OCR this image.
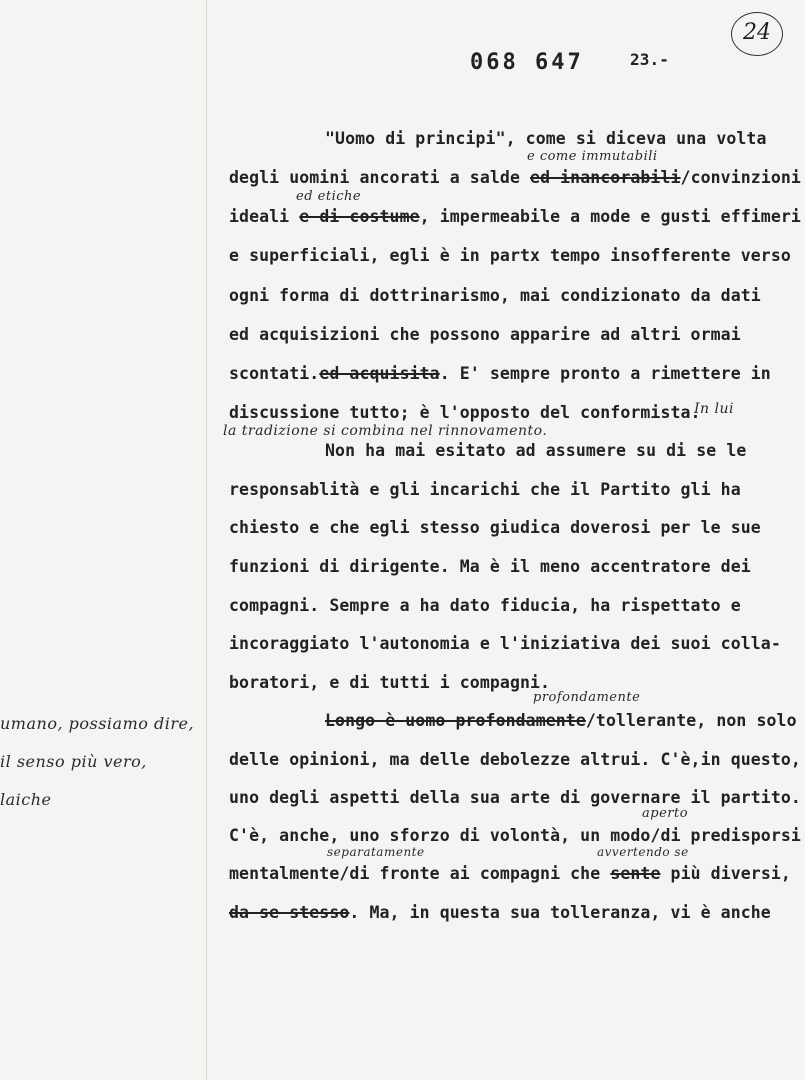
24
068 647	23.-
"Uomo di principi", come si diceva una volta
e come immutabili
degli uomini ancorati a salde ed inancorabili/convinzioni
ed etiche
ideali e di costume, impermeabile a mode e gusti effimeri
e superficiali, egli è in partx tempo insofferente verso
ogni forma di dottrinarismo, mai condizionato da dati
ed acquisizioni che possono apparire ad altri ormai
scontati.ed acquisita. E' sempre pronto a rimettere in
discussione tutto; è l'opposto del conformista.
In lui
la tradizione si combina nel rinnovamento.
Non ha mai esitato ad assumere su di se le
responsablità e gli incarichi che il Partito gli ha
chiesto e che egli stesso giudica doverosi per le sue
funzioni di dirigente. Ma è il meno accentratore dei
compagni. Sempre a ha dato fiducia, ha rispettato e
incoraggiato l'autonomia e l'iniziativa dei suoi colla-
boratori, e di tutti i compagni.
profondamente
Longo è uomo profondamente/tollerante, non solo
delle opinioni, ma delle debolezze altrui. C'è,in questo,
uno degli aspetti della sua arte di governare il partito.
aperto
C'è, anche, uno sforzo di volontà, un modo/di predisporsi
separatamente	avvertendo se
mentalmente/di fronte ai compagni che sente più diversi,
da se stesso. Ma, in questa sua tolleranza, vi è anche
umano, possiamo dire,
il senso più vero,
laiche
